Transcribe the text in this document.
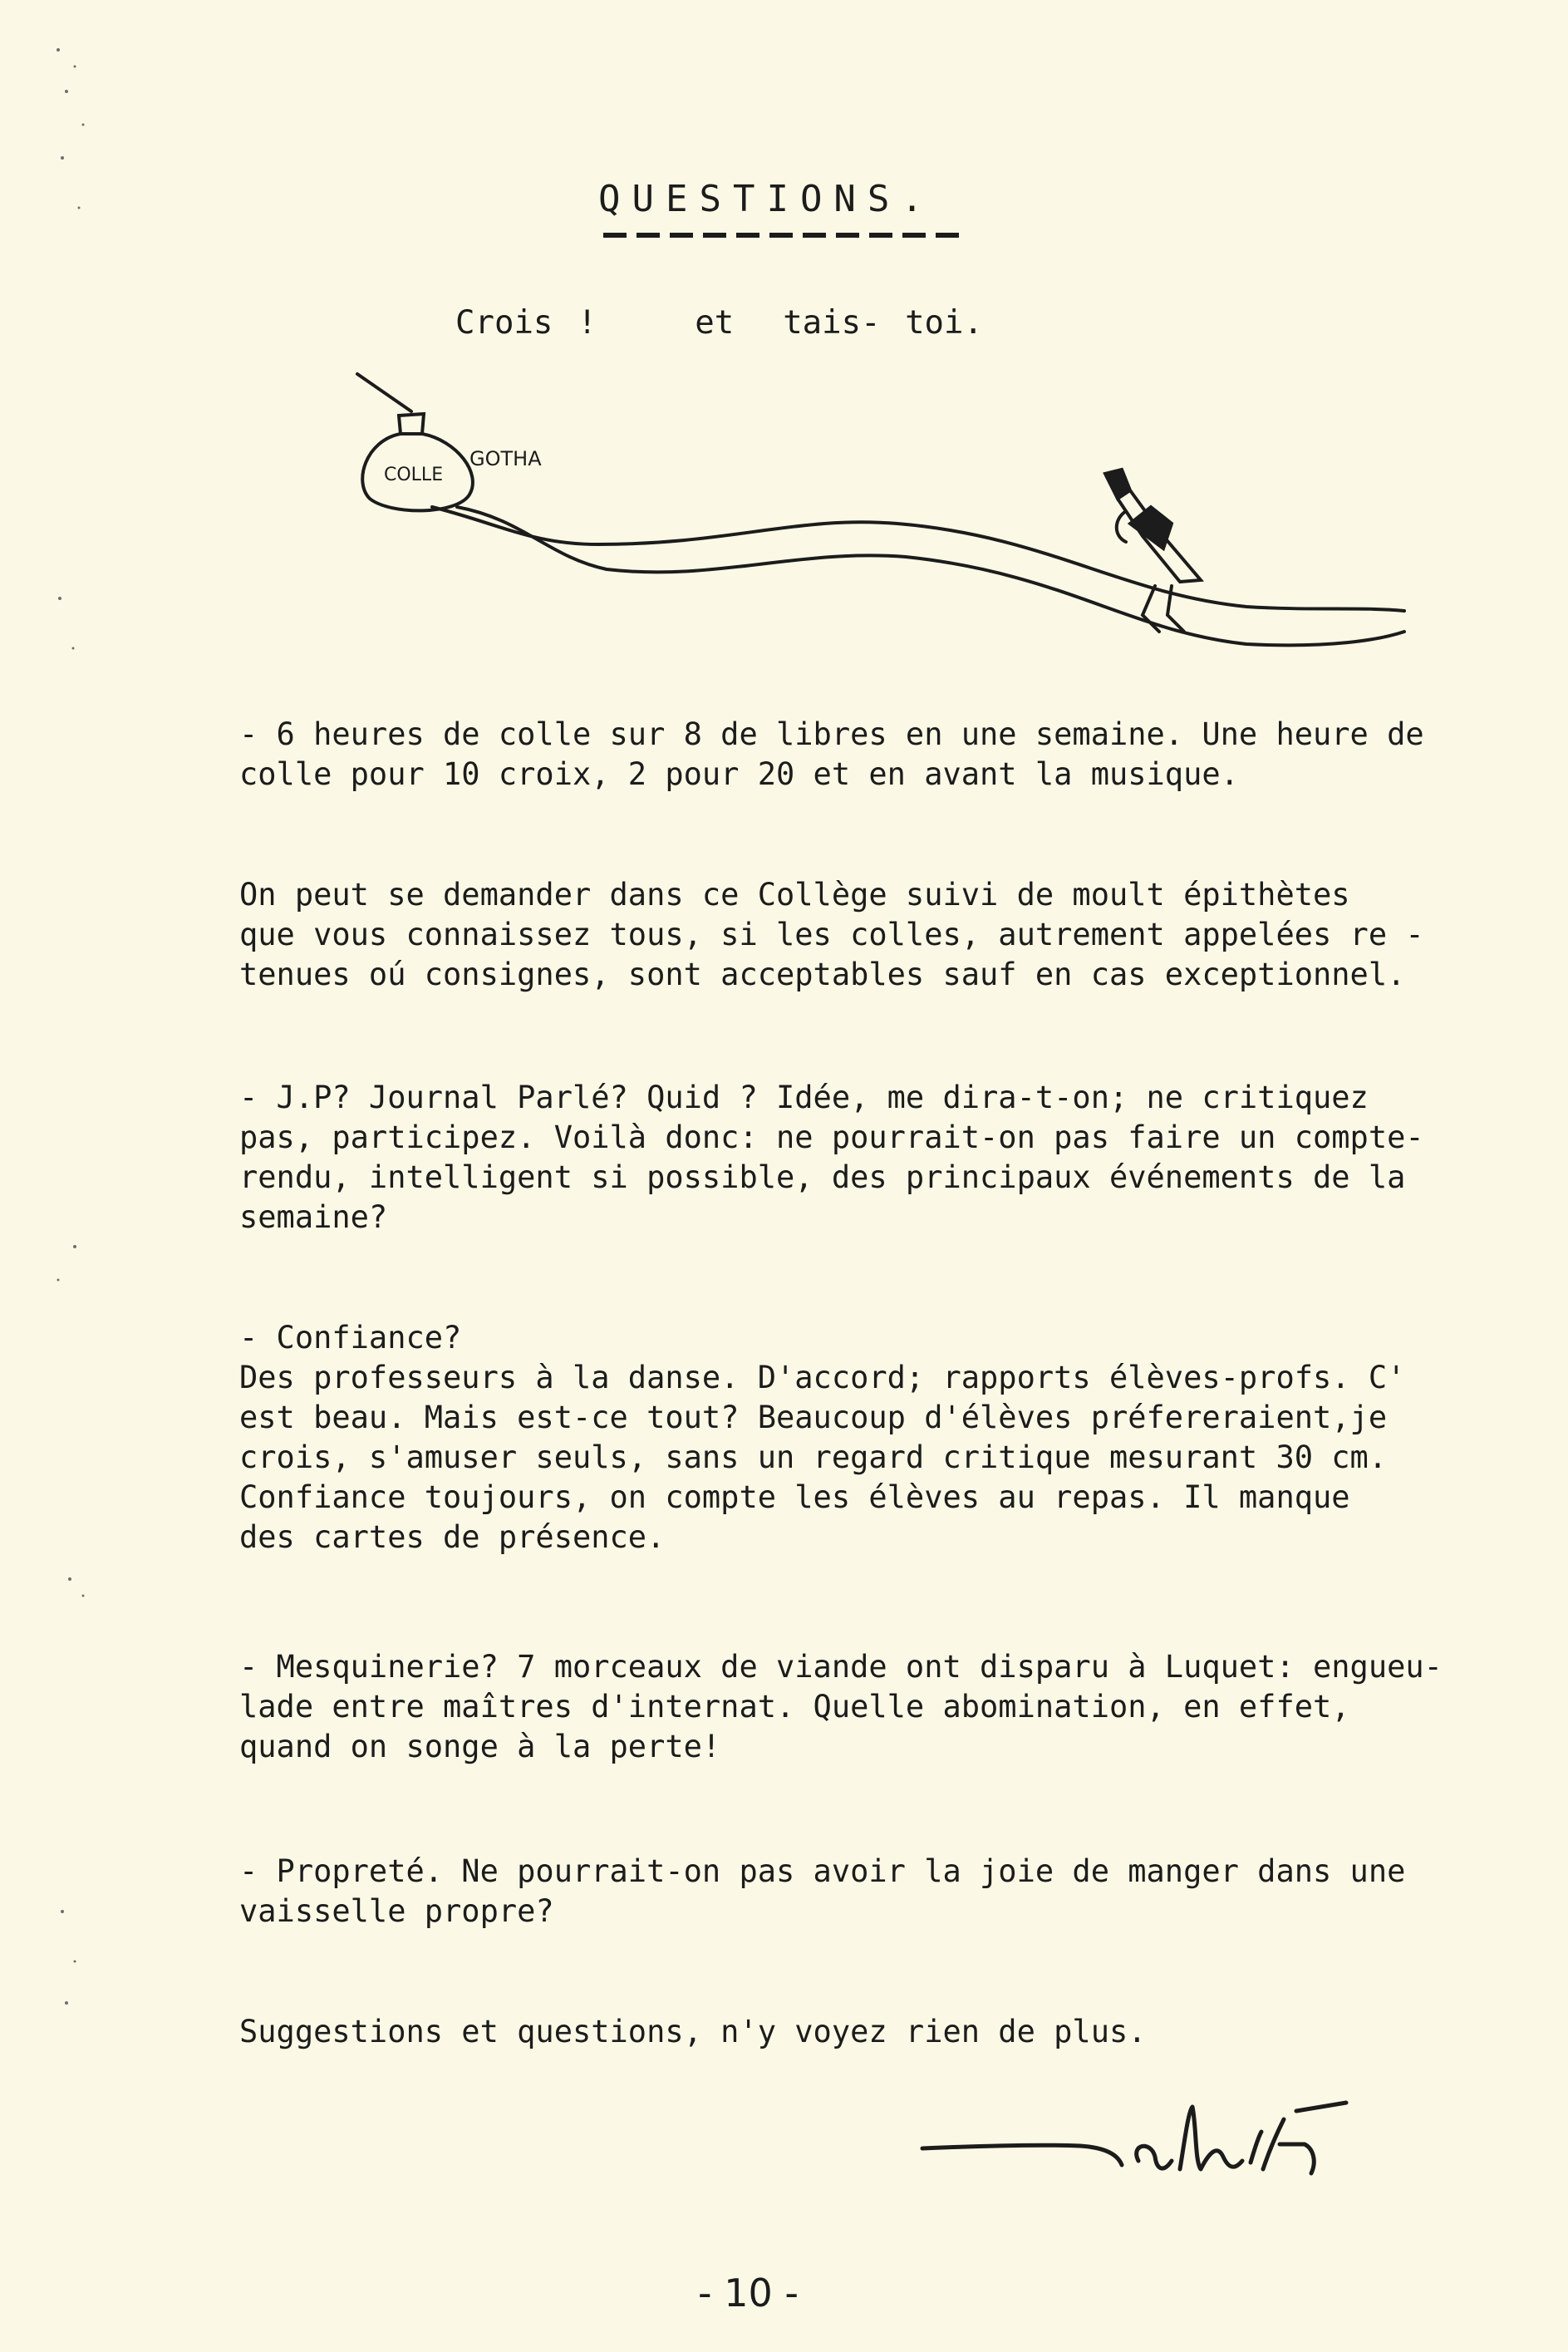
QUESTIONS.
Crois !    et  tais- toi.
COLLE
GOTHA
- 6 heures de colle sur 8 de libres en une semaine. Une heure de
colle pour 10 croix, 2 pour 20 et en avant la musique.
On peut se demander dans ce Collège suivi de moult épithètes
que vous connaissez tous, si les colles, autrement appelées re -
tenues oú consignes, sont acceptables sauf en cas exceptionnel.
- J.P? Journal Parlé? Quid ? Idée, me dira-t-on; ne critiquez
pas, participez. Voilà donc: ne pourrait-on pas faire un compte-
rendu, intelligent si possible, des principaux événements de la
semaine?
- Confiance?
Des professeurs à la danse. D'accord; rapports élèves-profs. C'
est beau. Mais est-ce tout? Beaucoup d'élèves préfereraient,je
crois, s'amuser seuls, sans un regard critique mesurant 30 cm.
Confiance toujours, on compte les élèves au repas. Il manque
des cartes de présence.
- Mesquinerie? 7 morceaux de viande ont disparu à Luquet: engueu-
lade entre maîtres d'internat. Quelle abomination, en effet,
quand on songe à la perte!
- Propreté. Ne pourrait-on pas avoir la joie de manger dans une
vaisselle propre?
Suggestions et questions, n'y voyez rien de plus.
- 10 -
